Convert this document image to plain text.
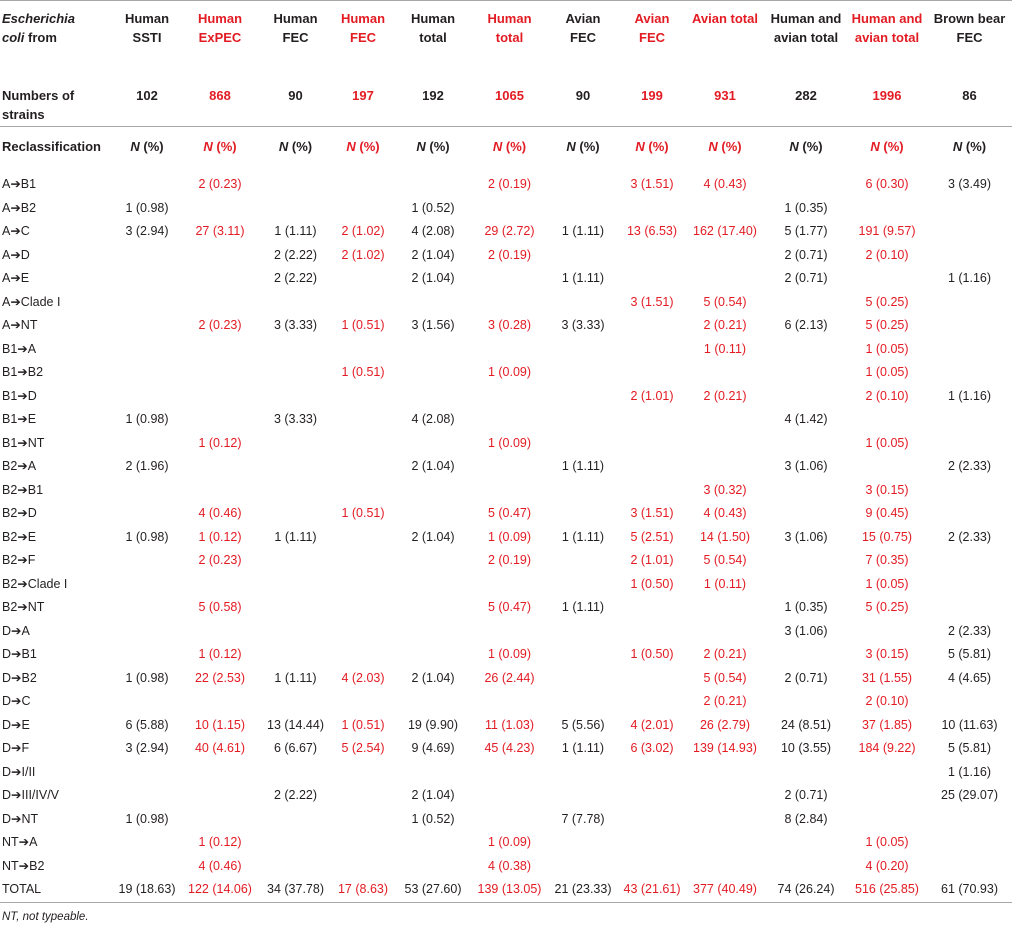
Escherichia
coli from	Human SSTI	Human ExPEC	Human FEC	Human FEC	Human total	Human total	Avian FEC	Avian FEC	Avian total	Human and avian total	Human and avian total	Brown bear FEC
Numbers of strains	102	868	90	197	192	1065	90	199	931	282	1996	86

Reclassification	N (%)	N (%)	N (%)	N (%)	N (%)	N (%)	N (%)	N (%)	N (%)	N (%)	N (%)	N (%)

A➔B1		2 (0.23)				2 (0.19)		3 (1.51)	4 (0.43)		6 (0.30)	3 (3.49)
A➔B2	1 (0.98)				1 (0.52)					1 (0.35)		
A➔C	3 (2.94)	27 (3.11)	1 (1.11)	2 (1.02)	4 (2.08)	29 (2.72)	1 (1.11)	13 (6.53)	162 (17.40)	5 (1.77)	191 (9.57)	
A➔D			2 (2.22)	2 (1.02)	2 (1.04)	2 (0.19)				2 (0.71)	2 (0.10)	
A➔E			2 (2.22)		2 (1.04)		1 (1.11)			2 (0.71)		1 (1.16)
A➔Clade I								3 (1.51)	5 (0.54)		5 (0.25)	
A➔NT		2 (0.23)	3 (3.33)	1 (0.51)	3 (1.56)	3 (0.28)	3 (3.33)		2 (0.21)	6 (2.13)	5 (0.25)	
B1➔A									1 (0.11)		1 (0.05)	
B1➔B2				1 (0.51)		1 (0.09)					1 (0.05)	
B1➔D								2 (1.01)	2 (0.21)		2 (0.10)	1 (1.16)
B1➔E	1 (0.98)		3 (3.33)		4 (2.08)					4 (1.42)		
B1➔NT		1 (0.12)				1 (0.09)					1 (0.05)	
B2➔A	2 (1.96)				2 (1.04)		1 (1.11)			3 (1.06)		2 (2.33)
B2➔B1									3 (0.32)		3 (0.15)	
B2➔D		4 (0.46)		1 (0.51)		5 (0.47)		3 (1.51)	4 (0.43)		9 (0.45)	
B2➔E	1 (0.98)	1 (0.12)	1 (1.11)		2 (1.04)	1 (0.09)	1 (1.11)	5 (2.51)	14 (1.50)	3 (1.06)	15 (0.75)	2 (2.33)
B2➔F		2 (0.23)				2 (0.19)		2 (1.01)	5 (0.54)		7 (0.35)	
B2➔Clade I								1 (0.50)	1 (0.11)		1 (0.05)	
B2➔NT		5 (0.58)				5 (0.47)	1 (1.11)			1 (0.35)	5 (0.25)	
D➔A										3 (1.06)		2 (2.33)
D➔B1		1 (0.12)				1 (0.09)		1 (0.50)	2 (0.21)		3 (0.15)	5 (5.81)
D➔B2	1 (0.98)	22 (2.53)	1 (1.11)	4 (2.03)	2 (1.04)	26 (2.44)			5 (0.54)	2 (0.71)	31 (1.55)	4 (4.65)
D➔C									2 (0.21)		2 (0.10)	
D➔E	6 (5.88)	10 (1.15)	13 (14.44)	1 (0.51)	19 (9.90)	11 (1.03)	5 (5.56)	4 (2.01)	26 (2.79)	24 (8.51)	37 (1.85)	10 (11.63)
D➔F	3 (2.94)	40 (4.61)	6 (6.67)	5 (2.54)	9 (4.69)	45 (4.23)	1 (1.11)	6 (3.02)	139 (14.93)	10 (3.55)	184 (9.22)	5 (5.81)
D➔I/II												1 (1.16)
D➔III/IV/V			2 (2.22)		2 (1.04)					2 (0.71)		25 (29.07)
D➔NT	1 (0.98)				1 (0.52)		7 (7.78)			8 (2.84)		
NT➔A		1 (0.12)				1 (0.09)					1 (0.05)	
NT➔B2		4 (0.46)				4 (0.38)					4 (0.20)	
TOTAL	19 (18.63)	122 (14.06)	34 (37.78)	17 (8.63)	53 (27.60)	139 (13.05)	21 (23.33)	43 (21.61)	377 (40.49)	74 (26.24)	516 (25.85)	61 (70.93)

NT, not typeable.
